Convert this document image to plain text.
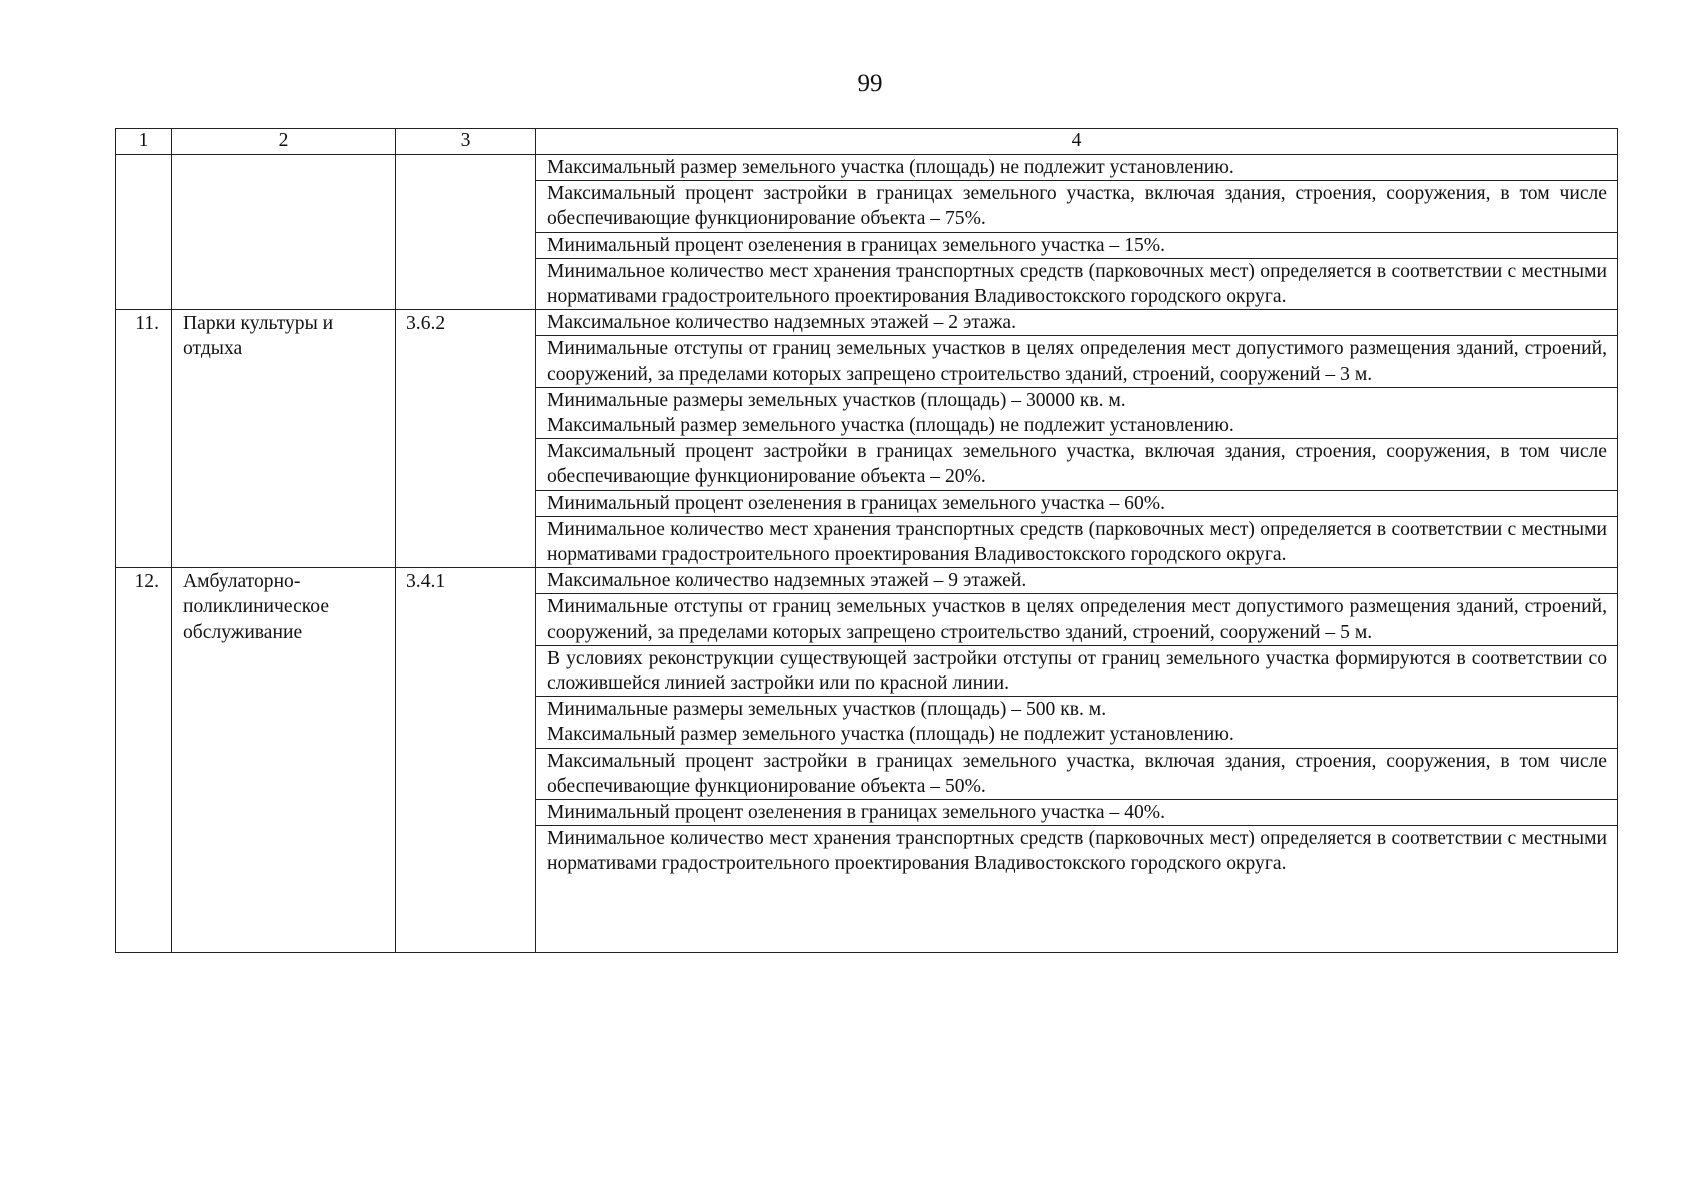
99
1	2	3	4
			Максимальный размер земельного участка (площадь) не подлежит установлению.
			Максимальный процент застройки в границах земельного участка, включая здания, строения, сооружения, в том числе обеспечивающие функционирование объекта – 75%.
			Минимальный процент озеленения в границах земельного участка – 15%.
			Минимальное количество мест хранения транспортных средств (парковочных мест) определяется в соответствии с местными нормативами градостроительного проектирования Владивостокского городского округа.
11.	Парки культуры и отдыха	3.6.2	Максимальное количество надземных этажей – 2 этажа.
			Минимальные отступы от границ земельных участков в целях определения мест допустимого размещения зданий, строений, сооружений, за пределами которых запрещено строительство зданий, строений, сооружений – 3 м.

			Минимальные размеры земельных участков (площадь) – 30000 кв. м.
Максимальный размер земельного участка (площадь) не подлежит установлению.

			Максимальный процент застройки в границах земельного участка, включая здания, строения, сооружения, в том числе обеспечивающие функционирование объекта – 20%.
			Минимальный процент озеленения в границах земельного участка – 60%.
			Минимальное количество мест хранения транспортных средств (парковочных мест) определяется в соответствии с местными нормативами градостроительного проектирования Владивостокского городского округа.
12.	Амбулаторно-поликлиническое обслуживание	3.4.1	Максимальное количество надземных этажей – 9 этажей.
			Минимальные отступы от границ земельных участков в целях определения мест допустимого размещения зданий, строений, сооружений, за пределами которых запрещено строительство зданий, строений, сооружений – 5 м.
			В условиях реконструкции существующей застройки отступы от границ земельного участка формируются в соответствии со сложившейся линией застройки или по красной линии.

			Минимальные размеры земельных участков (площадь) – 500 кв. м.
Максимальный размер земельного участка (площадь) не подлежит установлению.

			Максимальный процент застройки в границах земельного участка, включая здания, строения, сооружения, в том числе обеспечивающие функционирование объекта – 50%.
			Минимальный процент озеленения в границах земельного участка – 40%.
			Минимальное количество мест хранения транспортных средств (парковочных мест) определяется в соответствии с местными нормативами градостроительного проектирования Владивостокского городского округа.
